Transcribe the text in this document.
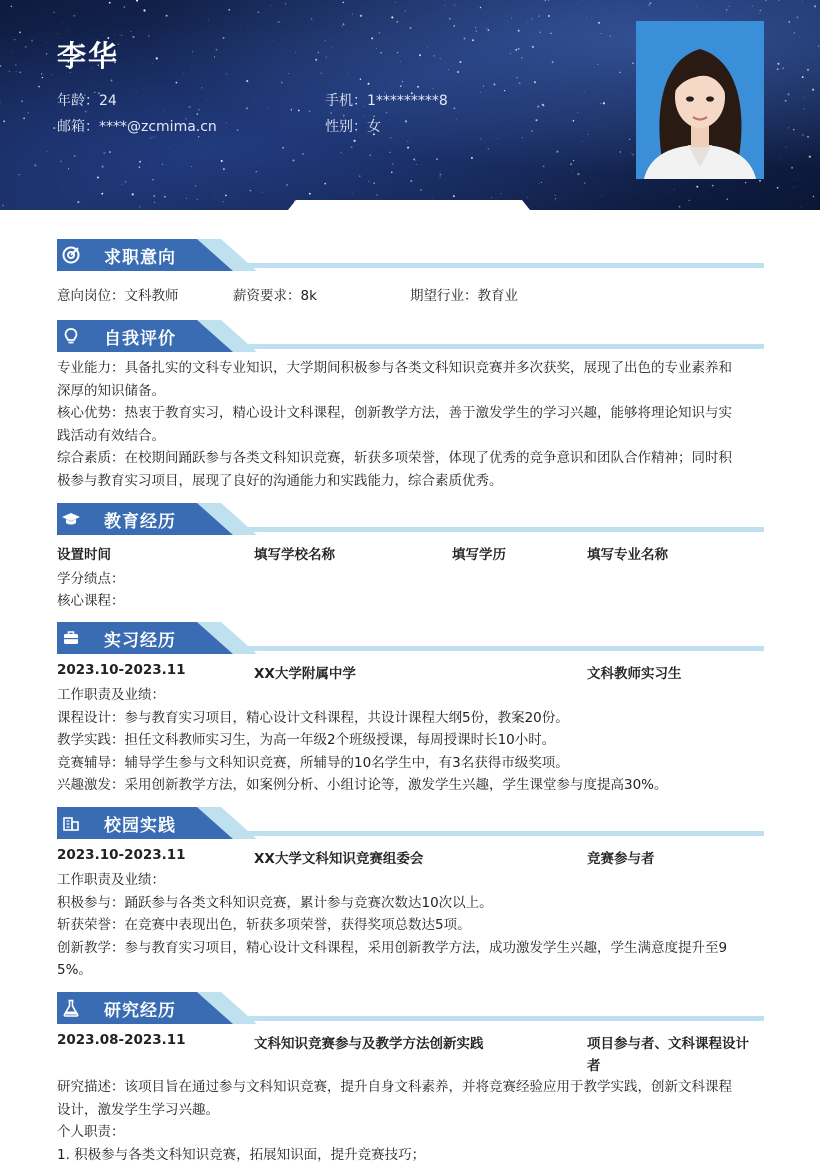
李华
年龄：24	手机：1*********8
邮箱：****@zcmima.cn	性别：女
求职意向
意向岗位：文科教师	薪资要求：8k	期望行业：教育业
自我评价
专业能力：具备扎实的文科专业知识，大学期间积极参与各类文科知识竞赛并多次获奖，展现了出色的专业素养和
深厚的知识储备。
核心优势：热衷于教育实习，精心设计文科课程，创新教学方法，善于激发学生的学习兴趣，能够将理论知识与实
践活动有效结合。
综合素质：在校期间踊跃参与各类文科知识竞赛，斩获多项荣誉，体现了优秀的竞争意识和团队合作精神；同时积
极参与教育实习项目，展现了良好的沟通能力和实践能力，综合素质优秀。
教育经历
设置时间	填写学校名称	填写学历	填写专业名称
学分绩点：
核心课程：
实习经历
2023.10-2023.11	XX大学附属中学	文科教师实习生
工作职责及业绩：
课程设计：参与教育实习项目，精心设计文科课程，共设计课程大纲5份，教案20份。
教学实践：担任文科教师实习生，为高一年级2个班级授课，每周授课时长10小时。
竞赛辅导：辅导学生参与文科知识竞赛，所辅导的10名学生中，有3名获得市级奖项。
兴趣激发：采用创新教学方法，如案例分析、小组讨论等，激发学生兴趣，学生课堂参与度提高30%。
校园实践
2023.10-2023.11	XX大学文科知识竞赛组委会	竞赛参与者
工作职责及业绩：
积极参与：踊跃参与各类文科知识竞赛，累计参与竞赛次数达10次以上。
斩获荣誉：在竞赛中表现出色，斩获多项荣誉，获得奖项总数达5项。
创新教学：参与教育实习项目，精心设计文科课程，采用创新教学方法，成功激发学生兴趣，学生满意度提升至9
5%。
研究经历
2023.08-2023.11	文科知识竞赛参与及教学方法创新实践	项目参与者、文科课程设计
者
研究描述：该项目旨在通过参与文科知识竞赛，提升自身文科素养，并将竞赛经验应用于教学实践，创新文科课程
设计，激发学生学习兴趣。
个人职责：
1. 积极参与各类文科知识竞赛，拓展知识面，提升竞赛技巧；
